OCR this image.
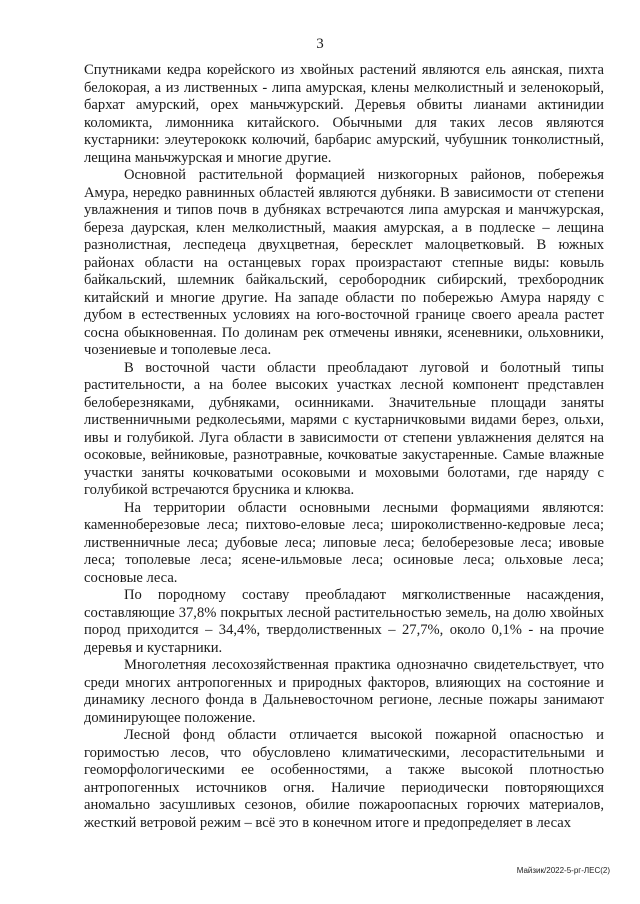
3

Спутниками кедра корейского из хвойных растений являются ель аянская, пихта белокорая, а из лиственных - липа амурская, клены мелколистный и зеленокорый, бархат амурский, орех маньчжурский. Деревья обвиты лианами актинидии коломикта, лимонника китайского. Обычными для таких лесов являются кустарники: элеутерококк колючий, барбарис амурский, чубушник тонколистный, лещина маньчжурская и многие другие.

Основной растительной формацией низкогорных районов, побережья Амура, нередко равнинных областей являются дубняки. В зависимости от степени увлажнения и типов почв в дубняках встречаются липа амурская и манчжурская, береза даурская, клен мелколистный, маакия амурская, а в подлеске – лещина разнолистная, леспедеца двухцветная, бересклет малоцветковый. В южных районах области на останцевых горах произрастают степные виды: ковыль байкальский, шлемник байкальский, серобородник сибирский, трехбородник китайский и многие другие. На западе области по побережью Амура наряду с дубом в естественных условиях на юго-восточной границе своего ареала растет сосна обыкновенная. По долинам рек отмечены ивняки, ясеневники, ольховники, чозениевые и тополевые леса.

В восточной части области преобладают луговой и болотный типы растительности, а на более высоких участках лесной компонент представлен белоберезняками, дубняками, осинниками. Значительные площади заняты лиственничными редколесьями, марями с кустарничковыми видами берез, ольхи, ивы и голубикой. Луга области в зависимости от степени увлажнения делятся на осоковые, вейниковые, разнотравные, кочковатые закустаренные. Самые влажные участки заняты кочковатыми осоковыми и моховыми болотами, где наряду с голубикой встречаются брусника и клюква.

На территории области основными лесными формациями являются: каменноберезовые леса; пихтово-еловые леса; широколиственно-кедровые леса; лиственничные леса; дубовые леса; липовые леса; белоберезовые леса; ивовые леса; тополевые леса; ясене-ильмовые леса; осиновые леса; ольховые леса; сосновые леса.

По породному составу преобладают мягколиственные насаждения, составляющие 37,8% покрытых лесной растительностью земель, на долю хвойных пород приходится – 34,4%, твердолиственных – 27,7%, около 0,1% - на прочие деревья и кустарники.

Многолетняя лесохозяйственная практика однозначно свидетельствует, что среди многих антропогенных и природных факторов, влияющих на состояние и динамику лесного фонда в Дальневосточном регионе, лесные пожары занимают доминирующее положение.

Лесной фонд области отличается высокой пожарной опасностью и горимостью лесов, что обусловлено климатическими, лесорастительными и геоморфологическими ее особенностями, а также высокой плотностью антропогенных источников огня. Наличие периодически повторяющихся аномально засушливых сезонов, обилие пожароопасных горючих материалов, жесткий ветровой режим – всё это в конечном итоге и предопределяет в лесах

Майзик/2022-5-рг-ЛЕС(2)
